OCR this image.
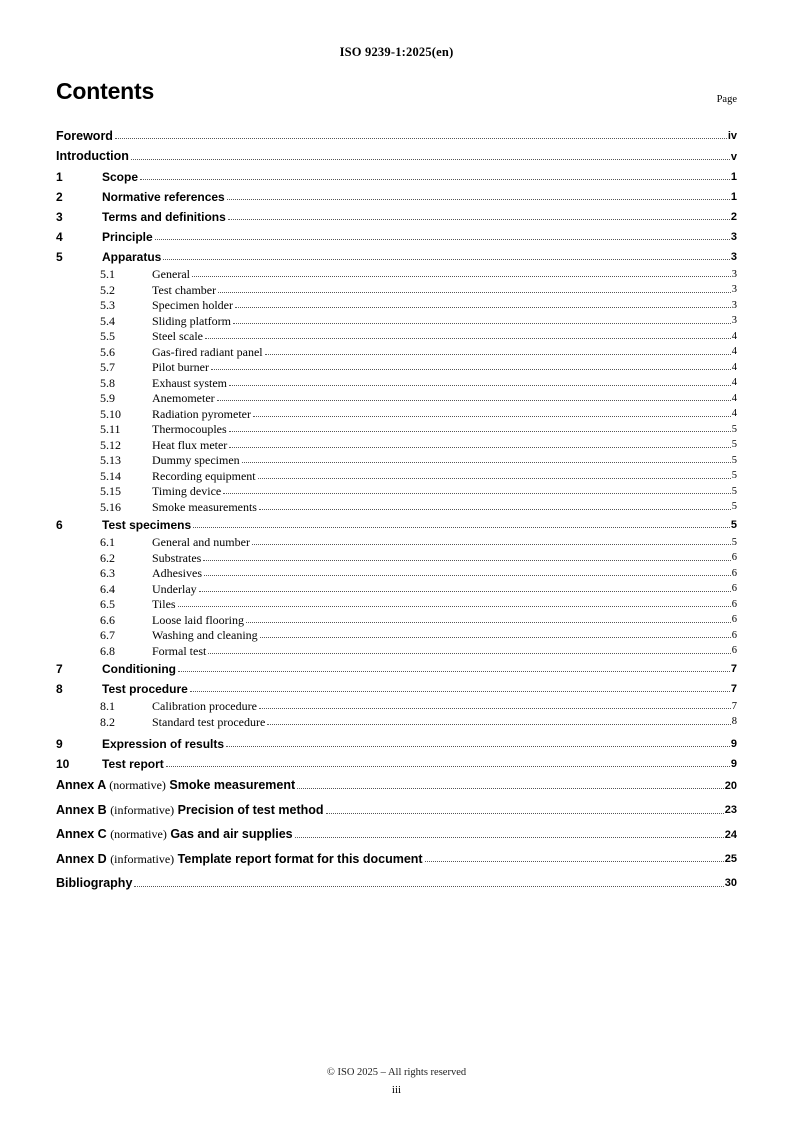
ISO 9239-1:2025(en)
Page
Contents
Foreword	iv
Introduction	v
1	Scope	1
2	Normative references	1
3	Terms and definitions	2
4	Principle	3
5	Apparatus	3
5.1	General	3
5.2	Test chamber	3
5.3	Specimen holder	3
5.4	Sliding platform	3
5.5	Steel scale	4
5.6	Gas-fired radiant panel	4
5.7	Pilot burner	4
5.8	Exhaust system	4
5.9	Anemometer	4
5.10	Radiation pyrometer	4
5.11	Thermocouples	5
5.12	Heat flux meter	5
5.13	Dummy specimen	5
5.14	Recording equipment	5
5.15	Timing device	5
5.16	Smoke measurements	5
6	Test specimens	5
6.1	General and number	5
6.2	Substrates	6
6.3	Adhesives	6
6.4	Underlay	6
6.5	Tiles	6
6.6	Loose laid flooring	6
6.7	Washing and cleaning	6
6.8	Formal test	6
7	Conditioning	7
8	Test procedure	7
8.1	Calibration procedure	7
8.2	Standard test procedure	8
9	Expression of results	9
10	Test report	9
Annex A (normative) Smoke measurement	20
Annex B (informative) Precision of test method	23
Annex C (normative) Gas and air supplies	24
Annex D (informative) Template report format for this document	25
Bibliography	30
© ISO 2025 – All rights reserved
iii
